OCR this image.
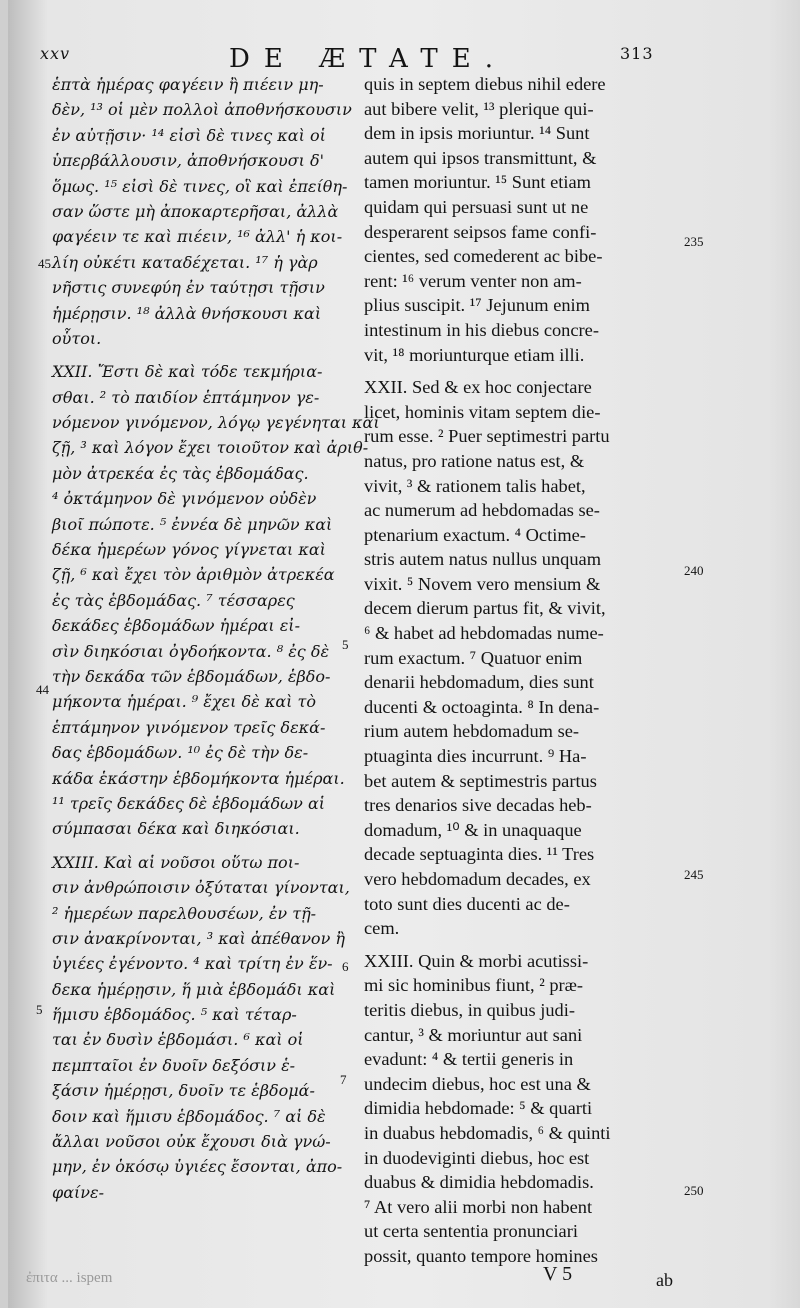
xxv	DE ÆTATE.	313
ἑπτὰ ἡμέρας φαγέειν ἢ πιέειν μη-
δὲν, ¹³ οἱ μὲν πολλοὶ ἀποθνήσκουσιν
ἐν αὐτῇσιν· ¹⁴ εἰσὶ δὲ τινες καὶ οἱ
ὑπερβάλλουσιν, ἀποθνήσκουσι δ'
ὅμως. ¹⁵ εἰσὶ δὲ τινες, οἳ καὶ ἐπείθη-
σαν ὥστε μὴ ἀποκαρτερῆσαι, ἀλλὰ
φαγέειν τε καὶ πιέειν, ¹⁶ ἀλλ' ἡ κοι-
λίη οὐκέτι καταδέχεται. ¹⁷ ἡ γὰρ
νῆστις συνεφύη ἐν ταύτῃσι τῇσιν
ἡμέρῃσιν. ¹⁸ ἀλλὰ θνήσκουσι καὶ
οὗτοι.
XXII. Ἔστι δὲ καὶ τόδε τεκμήρια-
σθαι. ² τὸ παιδίον ἑπτάμηνον γε-
νόμενον γινόμενον, λόγῳ γεγένηται καὶ
ζῇ, ³ καὶ λόγον ἔχει τοιοῦτον καὶ ἀριθ-
μὸν ἀτρεκέα ἐς τὰς ἑβδομάδας.
⁴ ὀκτάμηνον δὲ γινόμενον οὐδὲν
βιοῖ πώποτε. ⁵ ἐννέα δὲ μηνῶν καὶ
δέκα ἡμερέων γόνος γίγνεται καὶ
ζῇ, ⁶ καὶ ἔχει τὸν ἀριθμὸν ἀτρεκέα
ἐς τὰς ἑβδομάδας. ⁷ τέσσαρες
δεκάδες ἑβδομάδων ἡμέραι εἰ-
σὶν διηκόσιαι ὀγδοήκοντα. ⁸ ἐς δὲ
τὴν δεκάδα τῶν ἑβδομάδων, ἑβδο-
μήκοντα ἡμέραι. ⁹ ἔχει δὲ καὶ τὸ
ἑπτάμηνον γινόμενον τρεῖς δεκά-
δας ἑβδομάδων. ¹⁰ ἐς δὲ τὴν δε-
κάδα ἑκάστην ἑβδομήκοντα ἡμέραι.
¹¹ τρεῖς δεκάδες δὲ ἑβδομάδων αἱ
σύμπασαι δέκα καὶ διηκόσιαι.
XXIII. Καὶ αἱ νοῦσοι οὕτω ποι-
σιν ἀνθρώποισιν ὀξύταται γίνονται,
² ἡμερέων παρελθουσέων, ἐν τῇ-
σιν ἀνακρίνονται, ³ καὶ ἀπέθανον ἢ
ὑγιέες ἐγένοντο. ⁴ καὶ τρίτη ἐν ἕν-
δεκα ἡμέρῃσιν, ἥ μιὰ ἑβδομάδι καὶ
ἥμισυ ἑβδομάδος. ⁵ καὶ τέταρ-
ται ἐν δυσὶν ἑβδομάσι. ⁶ καὶ οἱ
πεμπταῖοι ἐν δυοῖν δεξόσιν ἑ-
ξάσιν ἡμέρῃσι, δυοῖν τε ἑβδομά-
δοιν καὶ ἥμισυ ἑβδομάδος. ⁷ αἱ δὲ
ἄλλαι νοῦσοι οὐκ ἔχουσι διὰ γνώ-
μην, ἐν ὁκόσῳ ὑγιέες ἔσονται, ἀπο-
φαίνε-
quis in septem diebus nihil edere
aut bibere velit, ¹³ plerique qui-
dem in ipsis moriuntur. ¹⁴ Sunt
autem qui ipsos transmittunt, &
tamen moriuntur. ¹⁵ Sunt etiam
quidam qui persuasi sunt ut ne
desperarent seipsos fame confi-
cientes, sed comederent ac bibe-
rent: ¹⁶ verum venter non am-
plius suscipit. ¹⁷ Jejunum enim
intestinum in his diebus concre-
vit, ¹⁸ moriunturque etiam illi.
XXII. Sed & ex hoc conjectare
licet, hominis vitam septem die-
rum esse. ² Puer septimestri partu
natus, pro ratione natus est, &
vivit, ³ & rationem talis habet,
ac numerum ad hebdomadas se-
ptenarium exactum. ⁴ Octime-
stris autem natus nullus unquam
vixit. ⁵ Novem vero mensium &
decem dierum partus fit, & vivit,
⁶ & habet ad hebdomadas nume-
rum exactum. ⁷ Quatuor enim
denarii hebdomadum, dies sunt
ducenti & octoaginta. ⁸ In dena-
rium autem hebdomadum se-
ptuaginta dies incurrunt. ⁹ Ha-
bet autem & septimestris partus
tres denarios sive decadas heb-
domadum, ¹⁰ & in unaquaque
decade septuaginta dies. ¹¹ Tres
vero hebdomadum decades, ex
toto sunt dies ducenti ac de-
cem.
XXIII. Quin & morbi acutissi-
mi sic hominibus fiunt, ² præ-
teritis diebus, in quibus judi-
cantur, ³ & moriuntur aut sani
evadunt: ⁴ & tertii generis in
undecim diebus, hoc est una &
dimidia hebdomade: ⁵ & quarti
in duabus hebdomadis, ⁶ & quinti
in duodeviginti diebus, hoc est
duabus & dimidia hebdomadis.
⁷ At vero alii morbi non habent
ut certa sententia pronunciari
possit, quanto tempore homines
45
44
5
5
6
7
235
240
245
250
ἐπιτα ... ispem	V 5	ab
